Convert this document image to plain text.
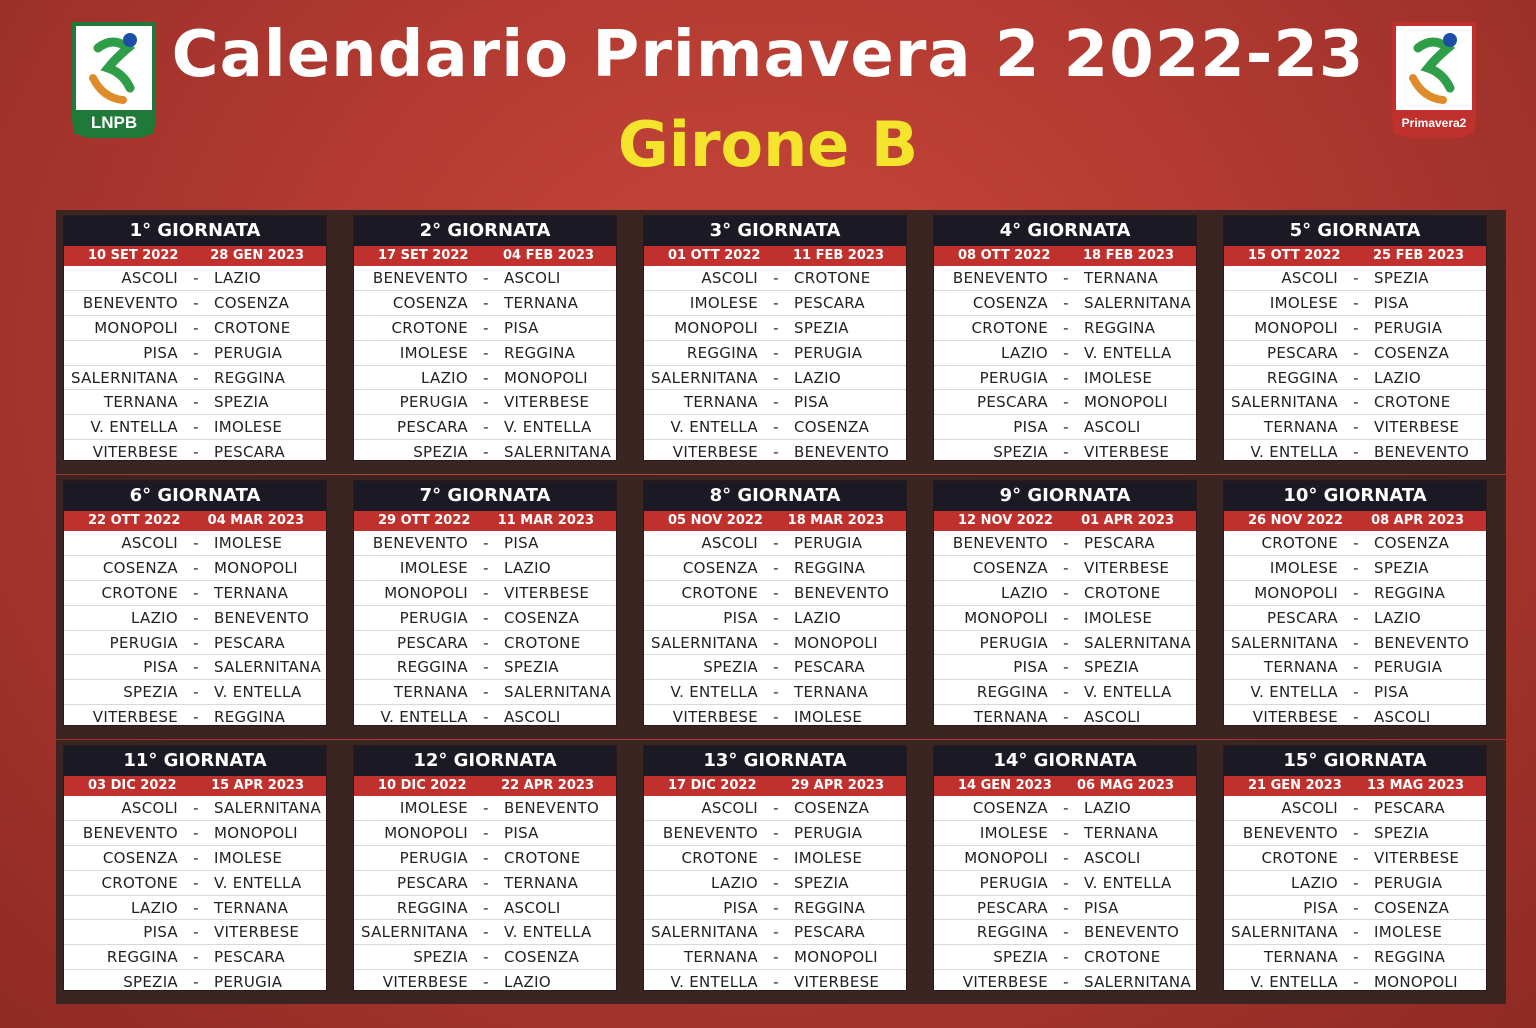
LNPB
Calendario Primavera 2 2022-23
Girone B	Primavera2
1° GIORNATA
10 SET 2022 28 GEN 2023
ASCOLI	-	LAZIO
BENEVENTO	-	COSENZA
MONOPOLI	-	CROTONE
PISA	-	PERUGIA
SALERNITANA	-	REGGINA
TERNANA	-	SPEZIA
V. ENTELLA	-	IMOLESE
VITERBESE	-	PESCARA
2° GIORNATA
17 SET 2022	04 FEB 2023
BENEVENTO	-	ASCOLI
COSENZA	-	TERNANA
CROTONE	-	PISA
IMOLESE	-	REGGINA
LAZIO	-	MONOPOLI
PERUGIA	-	VITERBESE
PESCARA	-	V. ENTELLA
SPEZIA	-	SALERNITANA
3° GIORNATA
01 OTT 2022	11 FEB 2023
ASCOLI	-	CROTONE
IMOLESE	-	PESCARA
MONOPOLI	-	SPEZIA
REGGINA	-	PERUGIA
SALERNITANA	-	LAZIO
TERNANA	-	PISA
V. ENTELLA	-	COSENZA
VITERBESE	-	BENEVENTO
4° GIORNATA
08 OTT 2022	18 FEB 2023
BENEVENTO	-	TERNANA
COSENZA	-	SALERNITANA
CROTONE	-	REGGINA
LAZIO	-	V. ENTELLA
PERUGIA	-	IMOLESE
PESCARA	-	MONOPOLI
PISA	-	ASCOLI
SPEZIA	-	VITERBESE
5° GIORNATA
15 OTT 2022	25 FEB 2023
ASCOLI	-	SPEZIA
IMOLESE	-	PISA
MONOPOLI	-	PERUGIA
PESCARA	-	COSENZA
REGGINA	-	LAZIO
SALERNITANA	-	CROTONE
TERNANA	-	VITERBESE
V. ENTELLA	-	BENEVENTO
6° GIORNATA
22 OTT 2022 04 MAR 2023
ASCOLI	-	IMOLESE
COSENZA	-	MONOPOLI
CROTONE	-	TERNANA
LAZIO	-	BENEVENTO
PERUGIA	-	PESCARA
PISA	-	SALERNITANA
SPEZIA	-	V. ENTELLA
VITERBESE	-	REGGINA
7° GIORNATA
29 OTT 2022 11 MAR 2023
BENEVENTO	-	PISA
IMOLESE	-	LAZIO
MONOPOLI	-	VITERBESE
PERUGIA	-	COSENZA
PESCARA	-	CROTONE
REGGINA	-	SPEZIA
TERNANA	-	SALERNITANA
V. ENTELLA	-	ASCOLI
8° GIORNATA
05 NOV 2022 18 MAR 2023
ASCOLI	-	PERUGIA
COSENZA	-	REGGINA
CROTONE	-	BENEVENTO
PISA	-	LAZIO
SALERNITANA	-	MONOPOLI
SPEZIA	-	PESCARA
V. ENTELLA	-	TERNANA
VITERBESE	-	IMOLESE
9° GIORNATA
12 NOV 2022 01 APR 2023
BENEVENTO	-	PESCARA
COSENZA	-	VITERBESE
LAZIO	-	CROTONE
MONOPOLI	-	IMOLESE
PERUGIA	-	SALERNITANA
PISA	-	SPEZIA
REGGINA	-	V. ENTELLA
TERNANA	-	ASCOLI
10° GIORNATA
26 NOV 2022 08 APR 2023
CROTONE	-	COSENZA
IMOLESE	-	SPEZIA
MONOPOLI	-	REGGINA
PESCARA	-	LAZIO
SALERNITANA	-	BENEVENTO
TERNANA	-	PERUGIA
V. ENTELLA	-	PISA
VITERBESE	-	ASCOLI
11° GIORNATA
03 DIC 2022	15 APR 2023
ASCOLI	-	SALERNITANA
BENEVENTO	-	MONOPOLI
COSENZA	-	IMOLESE
CROTONE	-	V. ENTELLA
LAZIO	-	TERNANA
PISA	-	VITERBESE
REGGINA	-	PESCARA
SPEZIA	-	PERUGIA
12° GIORNATA
10 DIC 2022	22 APR 2023
IMOLESE	-	BENEVENTO
MONOPOLI	-	PISA
PERUGIA	-	CROTONE
PESCARA	-	TERNANA
REGGINA	-	ASCOLI
SALERNITANA	-	V. ENTELLA
SPEZIA	-	COSENZA
VITERBESE	-	LAZIO
13° GIORNATA
17 DIC 2022	29 APR 2023
ASCOLI	-	COSENZA
BENEVENTO	-	PERUGIA
CROTONE	-	IMOLESE
LAZIO	-	SPEZIA
PISA	-	REGGINA
SALERNITANA	-	PESCARA
TERNANA	-	MONOPOLI
V. ENTELLA	-	VITERBESE
14° GIORNATA
14 GEN 2023 06 MAG 2023
COSENZA	-	LAZIO
IMOLESE	-	TERNANA
MONOPOLI	-	ASCOLI
PERUGIA	-	V. ENTELLA
PESCARA	-	PISA
REGGINA	-	BENEVENTO
SPEZIA	-	CROTONE
VITERBESE	-	SALERNITANA
15° GIORNATA
21 GEN 2023 13 MAG 2023
ASCOLI	-	PESCARA
BENEVENTO	-	SPEZIA
CROTONE	-	VITERBESE
LAZIO	-	PERUGIA
PISA	-	COSENZA
SALERNITANA	-	IMOLESE
TERNANA	-	REGGINA
V. ENTELLA	-	MONOPOLI
